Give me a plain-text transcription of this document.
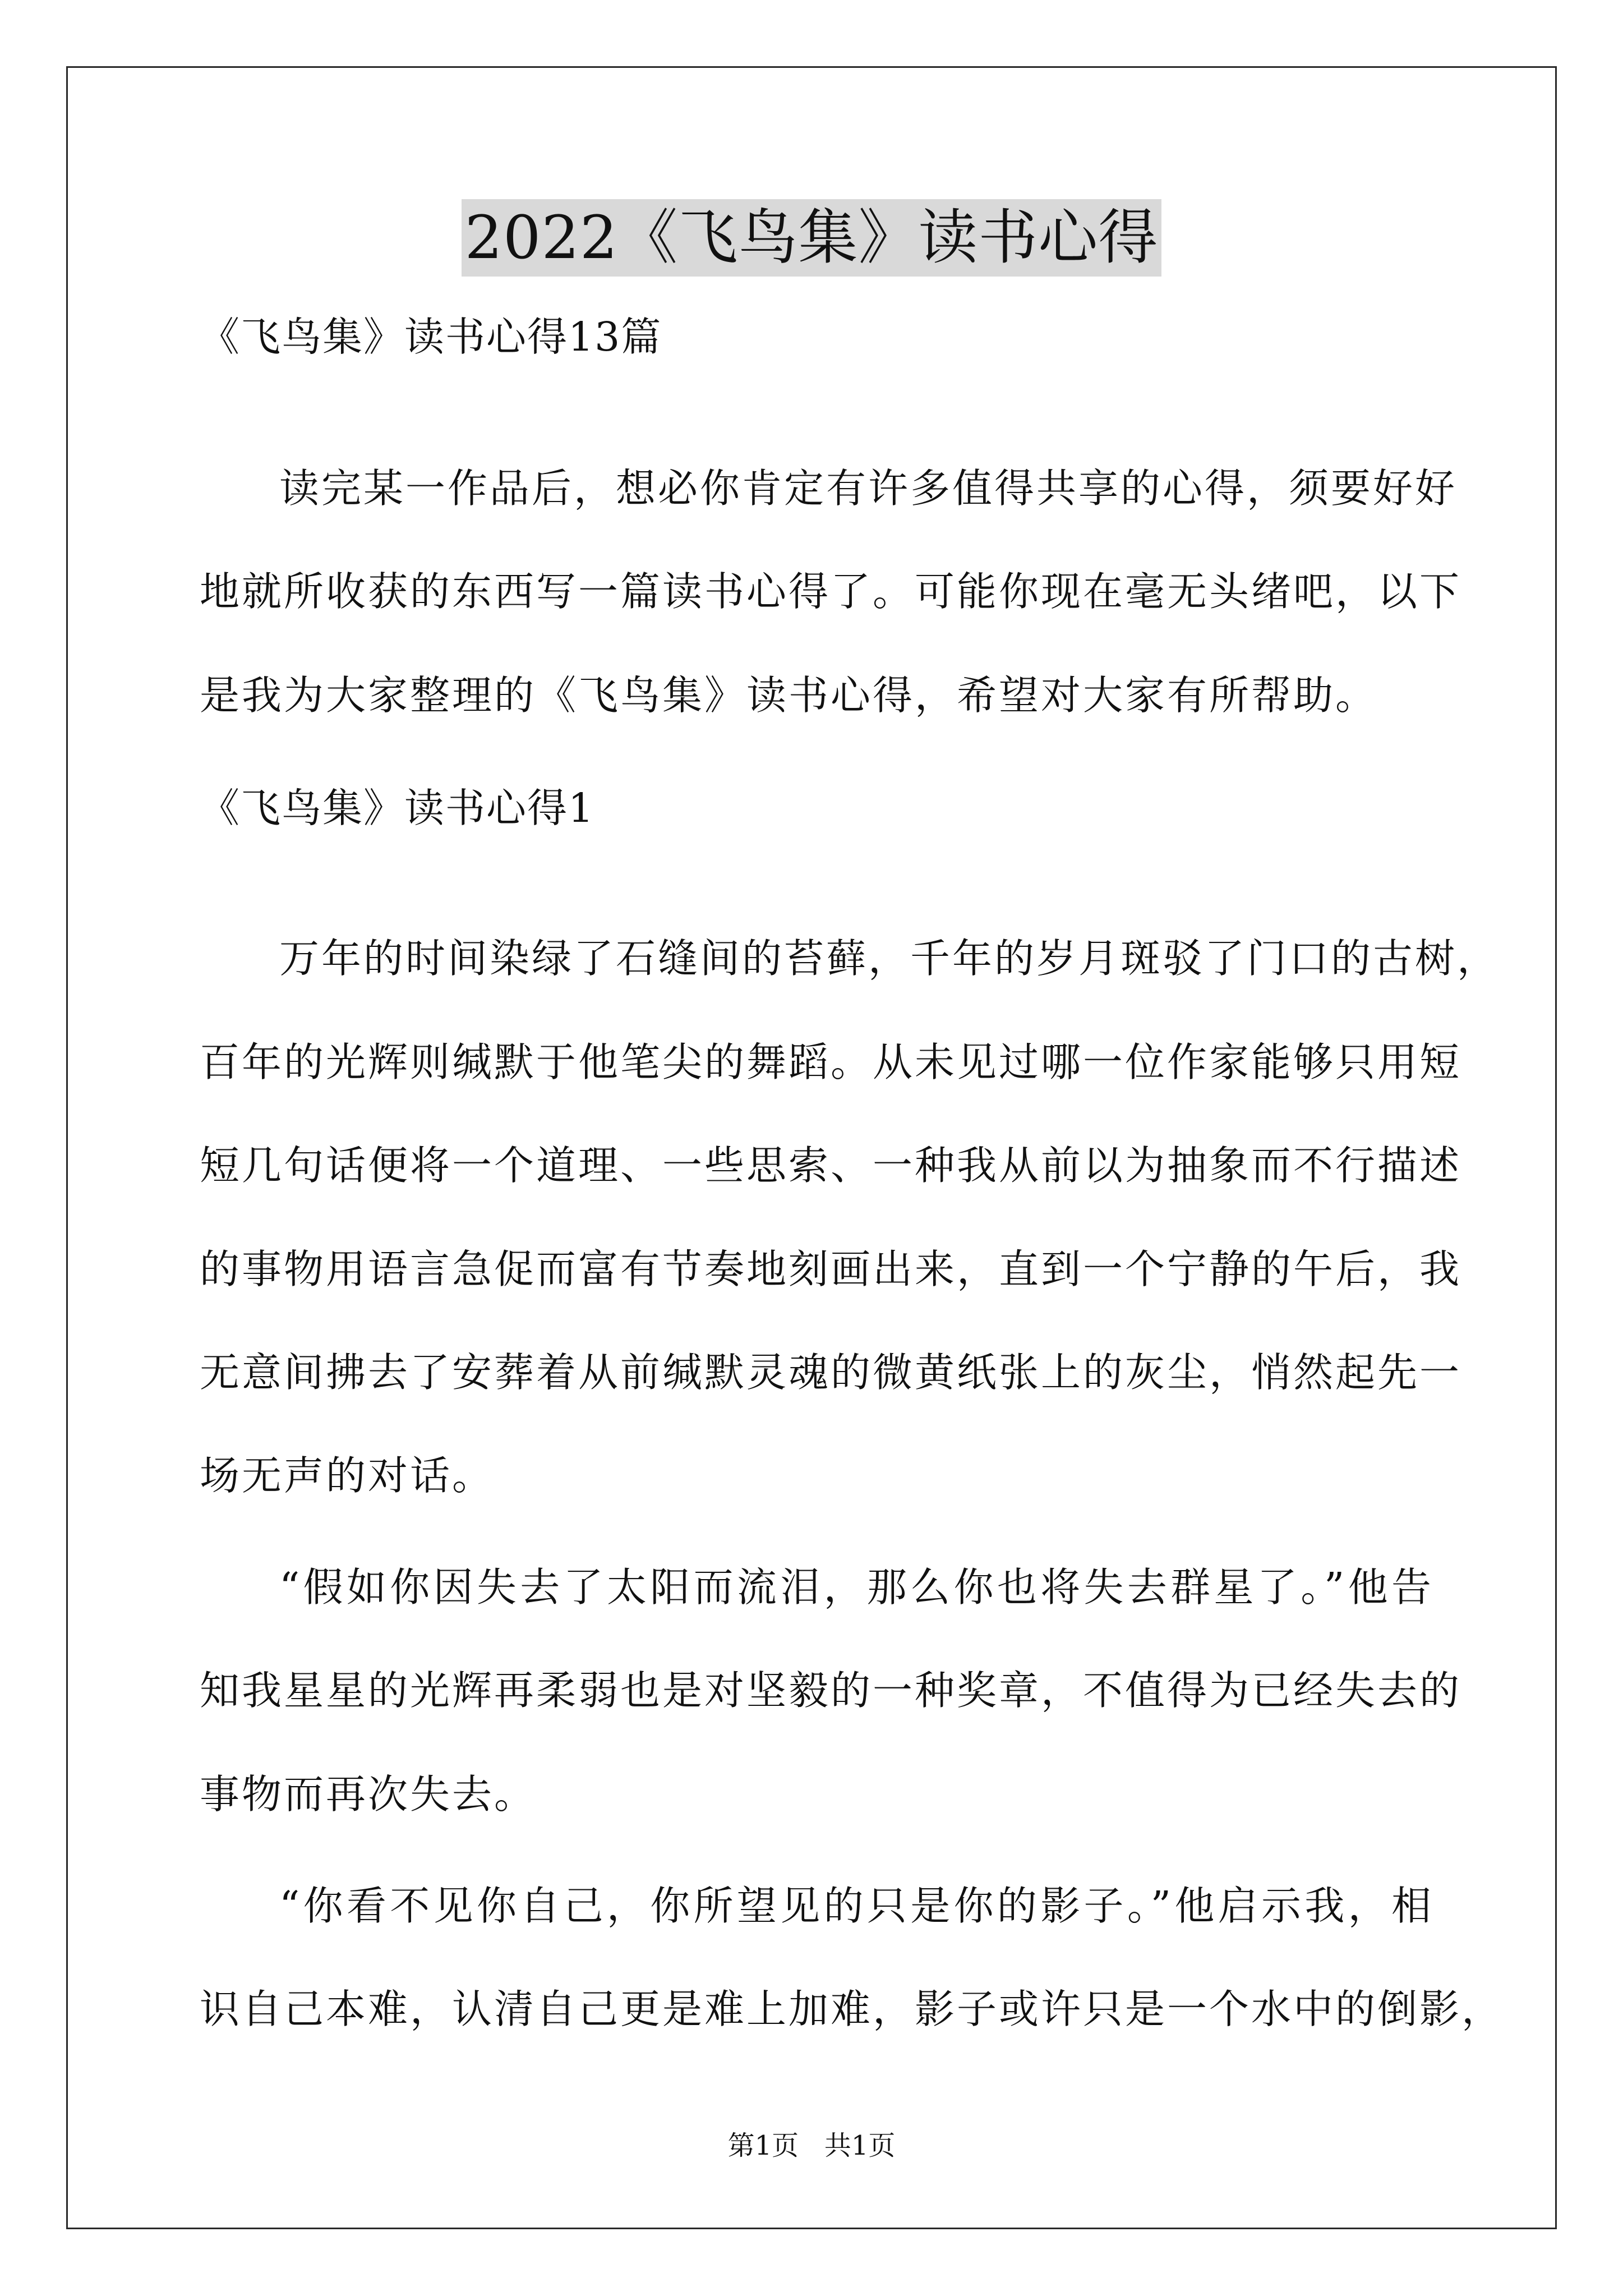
2022《飞鸟集》读书心得
《飞鸟集》读书心得13篇
读完某一作品后，想必你肯定有许多值得共享的心得，须要好好
地就所收获的东西写一篇读书心得了。可能你现在毫无头绪吧，以下
是我为大家整理的《飞鸟集》读书心得，希望对大家有所帮助。
《飞鸟集》读书心得1
万年的时间染绿了石缝间的苔藓，千年的岁月斑驳了门口的古树，
百年的光辉则缄默于他笔尖的舞蹈。从未见过哪一位作家能够只用短
短几句话便将一个道理、一些思索、一种我从前以为抽象而不行描述
的事物用语言急促而富有节奏地刻画出来，直到一个宁静的午后，我
无意间拂去了安葬着从前缄默灵魂的微黄纸张上的灰尘，悄然起先一
场无声的对话。
“假如你因失去了太阳而流泪，那么你也将失去群星了。”他告
知我星星的光辉再柔弱也是对坚毅的一种奖章，不值得为已经失去的
事物而再次失去。
“你看不见你自己，你所望见的只是你的影子。”他启示我，相
识自己本难，认清自己更是难上加难，影子或许只是一个水中的倒影，
第1页   共1页
